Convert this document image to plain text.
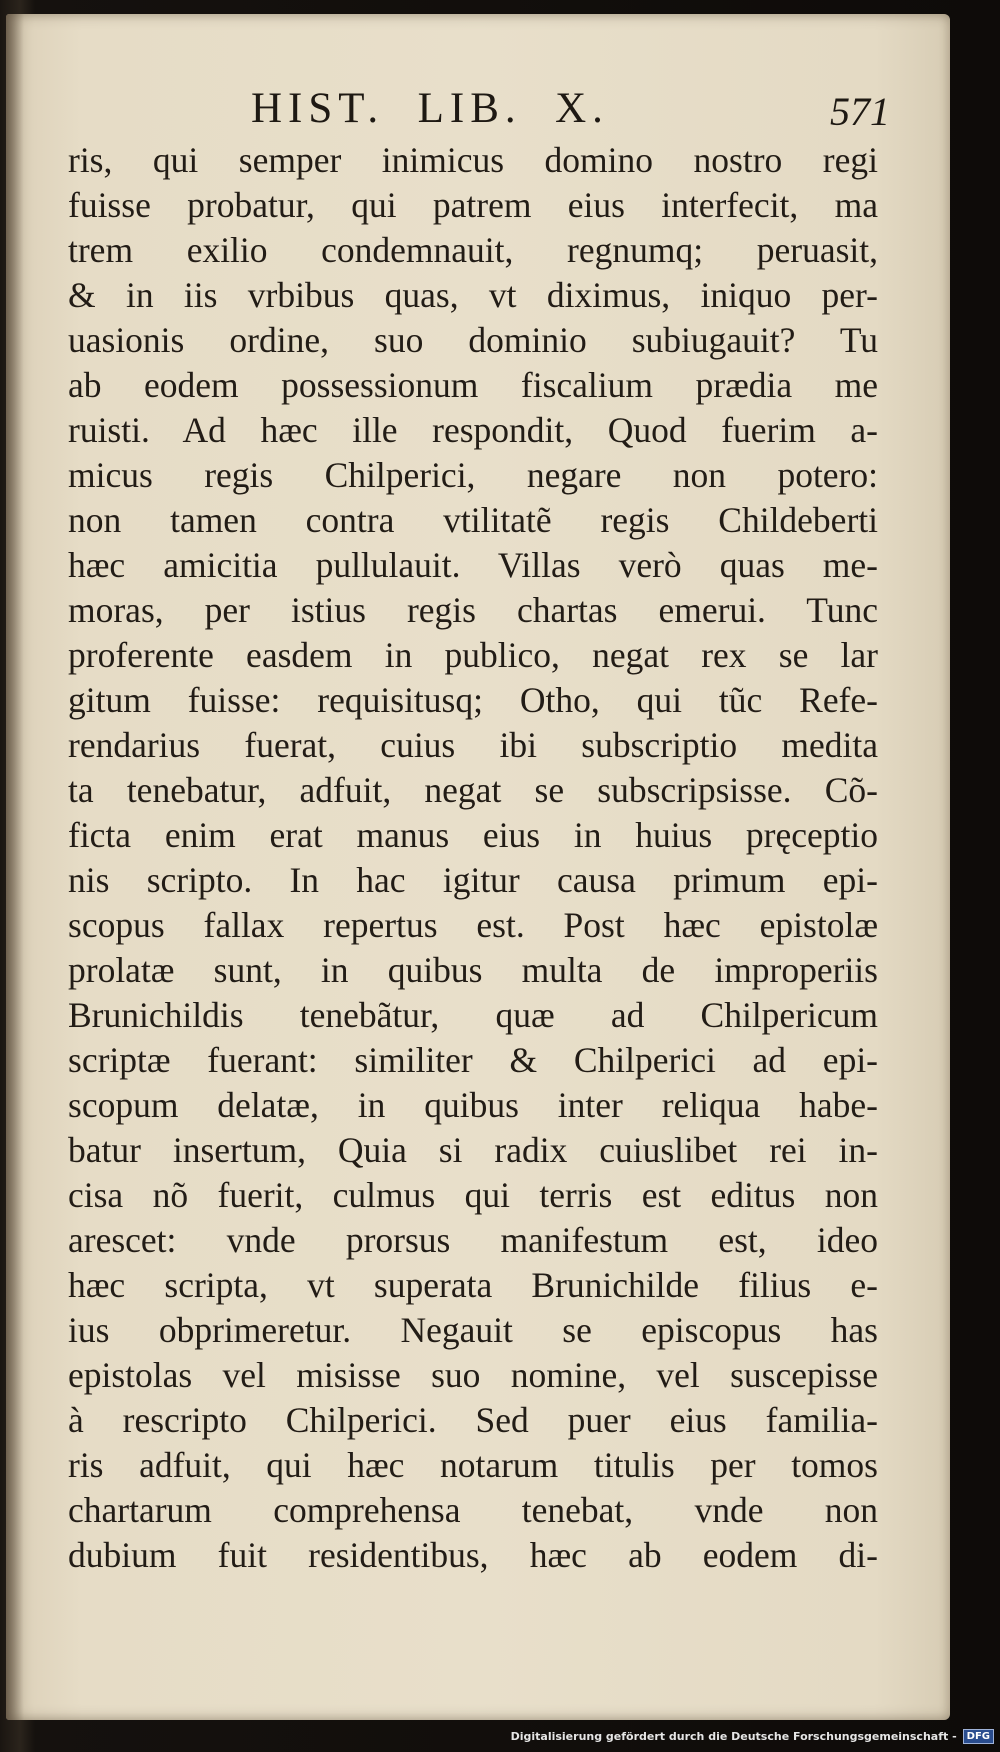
HIST.  LIB.  X.	571
ris, qui semper inimicus domino nostro regi
fuisse probatur, qui patrem eius interfecit, ma
trem exilio condemnauit, regnumq; peruasit,
& in iis vrbibus quas, vt diximus, iniquo per-
uasionis ordine, suo dominio subiugauit? Tu
ab eodem possessionum fiscalium prædia me
ruisti. Ad hæc ille respondit, Quod fuerim a-
micus regis Chilperici, negare non potero:
non tamen contra vtilitatẽ regis Childeberti
hæc amicitia pullulauit. Villas verò quas me-
moras, per istius regis chartas emerui. Tunc
proferente easdem in publico, negat rex se lar
gitum fuisse: requisitusq; Otho, qui tũc Refe-
rendarius fuerat, cuius ibi subscriptio medita
ta tenebatur, adfuit, negat se subscripsisse. Cõ-
ficta enim erat manus eius in huius pręceptio
nis scripto. In hac igitur causa primum epi-
scopus fallax repertus est. Post hæc epistolæ
prolatæ sunt, in quibus multa de improperiis
Brunichildis tenebãtur, quæ ad Chilpericum
scriptæ fuerant: similiter & Chilperici ad epi-
scopum delatæ, in quibus inter reliqua habe-
batur insertum, Quia si radix cuiuslibet rei in-
cisa nõ fuerit, culmus qui terris est editus non
arescet: vnde prorsus manifestum est, ideo
hæc scripta, vt superata Brunichilde filius e-
ius obprimeretur. Negauit se episcopus has
epistolas vel misisse suo nomine, vel suscepisse
à rescripto Chilperici. Sed puer eius familia-
ris adfuit, qui hæc notarum titulis per tomos
chartarum comprehensa tenebat, vnde non
dubium fuit residentibus, hæc ab eodem di-
Digitalisierung gefördert durch die Deutsche Forschungsgemeinschaft -	DFG
